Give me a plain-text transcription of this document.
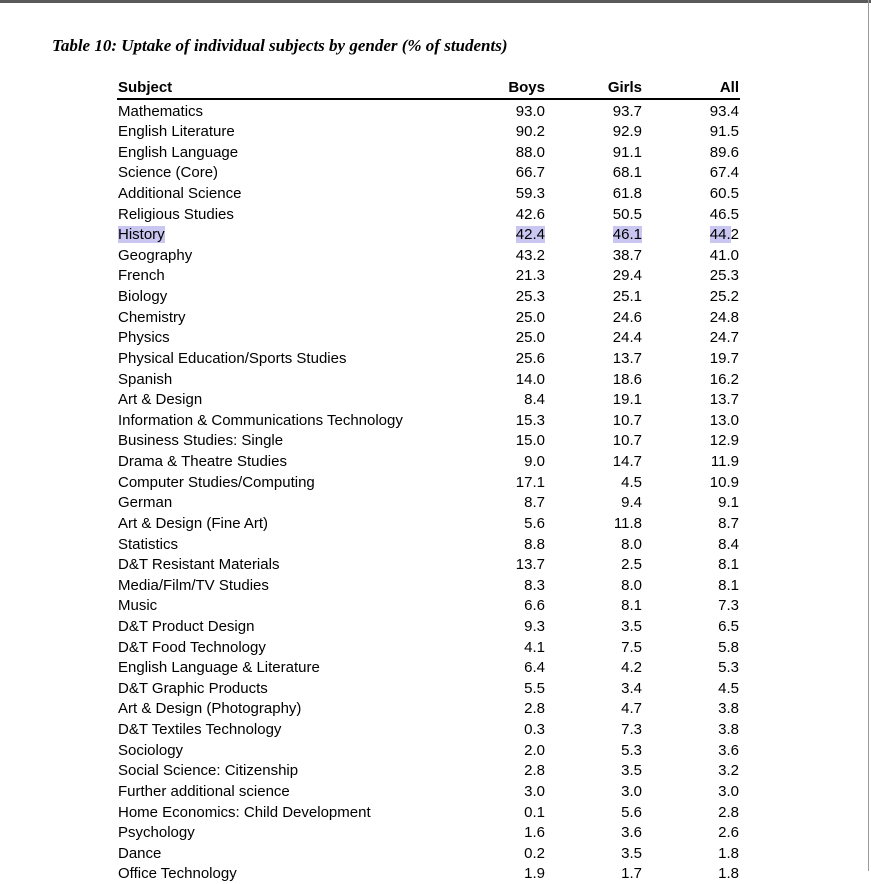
Table 10: Uptake of individual subjects by gender (% of students)
Subject	Boys	Girls	All
Mathematics	93.0	93.7	93.4
English Literature	90.2	92.9	91.5
English Language	88.0	91.1	89.6
Science (Core)	66.7	68.1	67.4
Additional Science	59.3	61.8	60.5
Religious Studies	42.6	50.5	46.5
History	42.4	46.1	44.2
Geography	43.2	38.7	41.0
French	21.3	29.4	25.3
Biology	25.3	25.1	25.2
Chemistry	25.0	24.6	24.8
Physics	25.0	24.4	24.7
Physical Education/Sports Studies	25.6	13.7	19.7
Spanish	14.0	18.6	16.2
Art & Design	8.4	19.1	13.7
Information & Communications Technology	15.3	10.7	13.0
Business Studies: Single	15.0	10.7	12.9
Drama & Theatre Studies	9.0	14.7	11.9
Computer Studies/Computing	17.1	4.5	10.9
German	8.7	9.4	9.1
Art & Design (Fine Art)	5.6	11.8	8.7
Statistics	8.8	8.0	8.4
D&T Resistant Materials	13.7	2.5	8.1
Media/Film/TV Studies	8.3	8.0	8.1
Music	6.6	8.1	7.3
D&T Product Design	9.3	3.5	6.5
D&T Food Technology	4.1	7.5	5.8
English Language & Literature	6.4	4.2	5.3
D&T Graphic Products	5.5	3.4	4.5
Art & Design (Photography)	2.8	4.7	3.8
D&T Textiles Technology	0.3	7.3	3.8
Sociology	2.0	5.3	3.6
Social Science: Citizenship	2.8	3.5	3.2
Further additional science	3.0	3.0	3.0
Home Economics: Child Development	0.1	5.6	2.8
Psychology	1.6	3.6	2.6
Dance	0.2	3.5	1.8
Office Technology	1.9	1.7	1.8
